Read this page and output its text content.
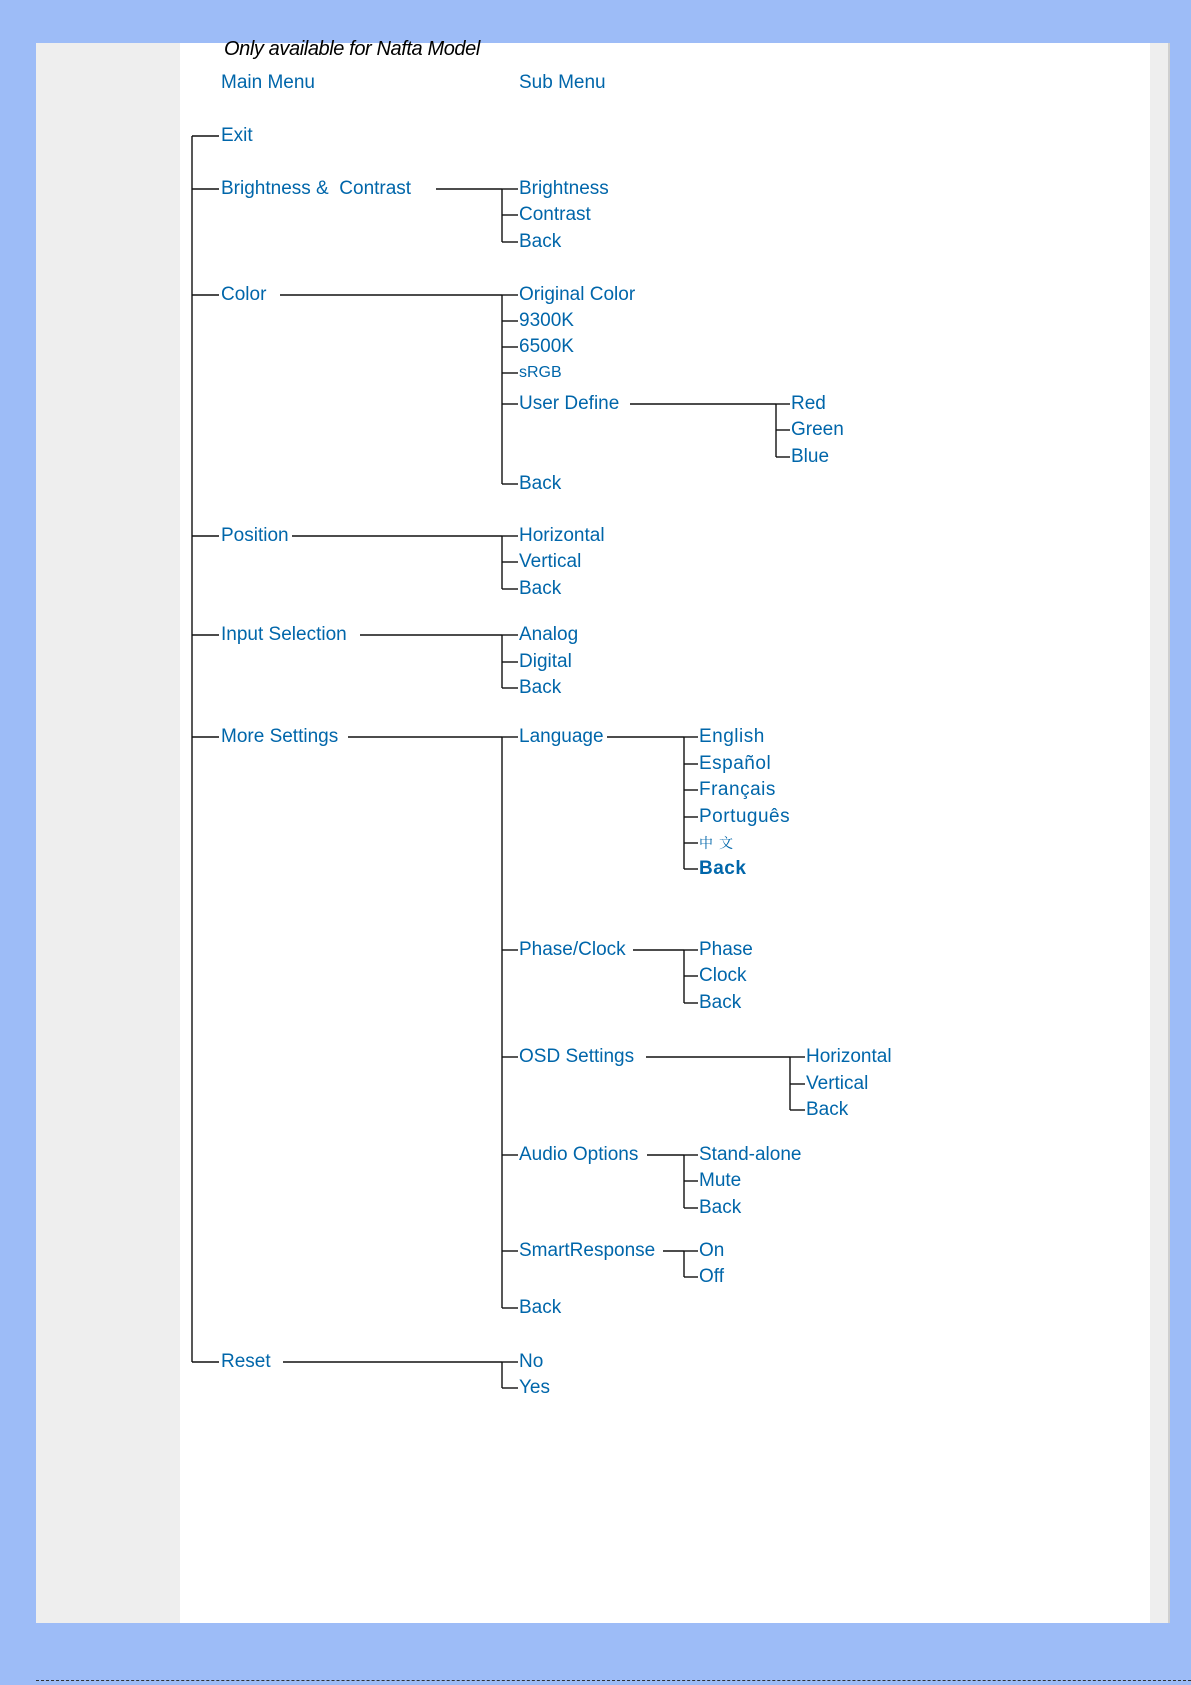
Only available for Nafta Model
Main Menu	Sub Menu
Exit
Brightness &  Contrast
Color
Position
Input Selection
More Settings
Reset
Brightness
Contrast
Back
Original Color
9300K
6500K
sRGB
User Define
Back
Red
Green
Blue
Horizontal
Vertical
Back
Analog
Digital
Back
Language	English
Español
Français
Português
中文
Back
Phase/Clock	Phase
Clock
Back
OSD Settings	Horizontal
Vertical
Back
Audio Options	Stand-alone
Mute
Back
SmartResponse On
Off
Back
No
Yes
